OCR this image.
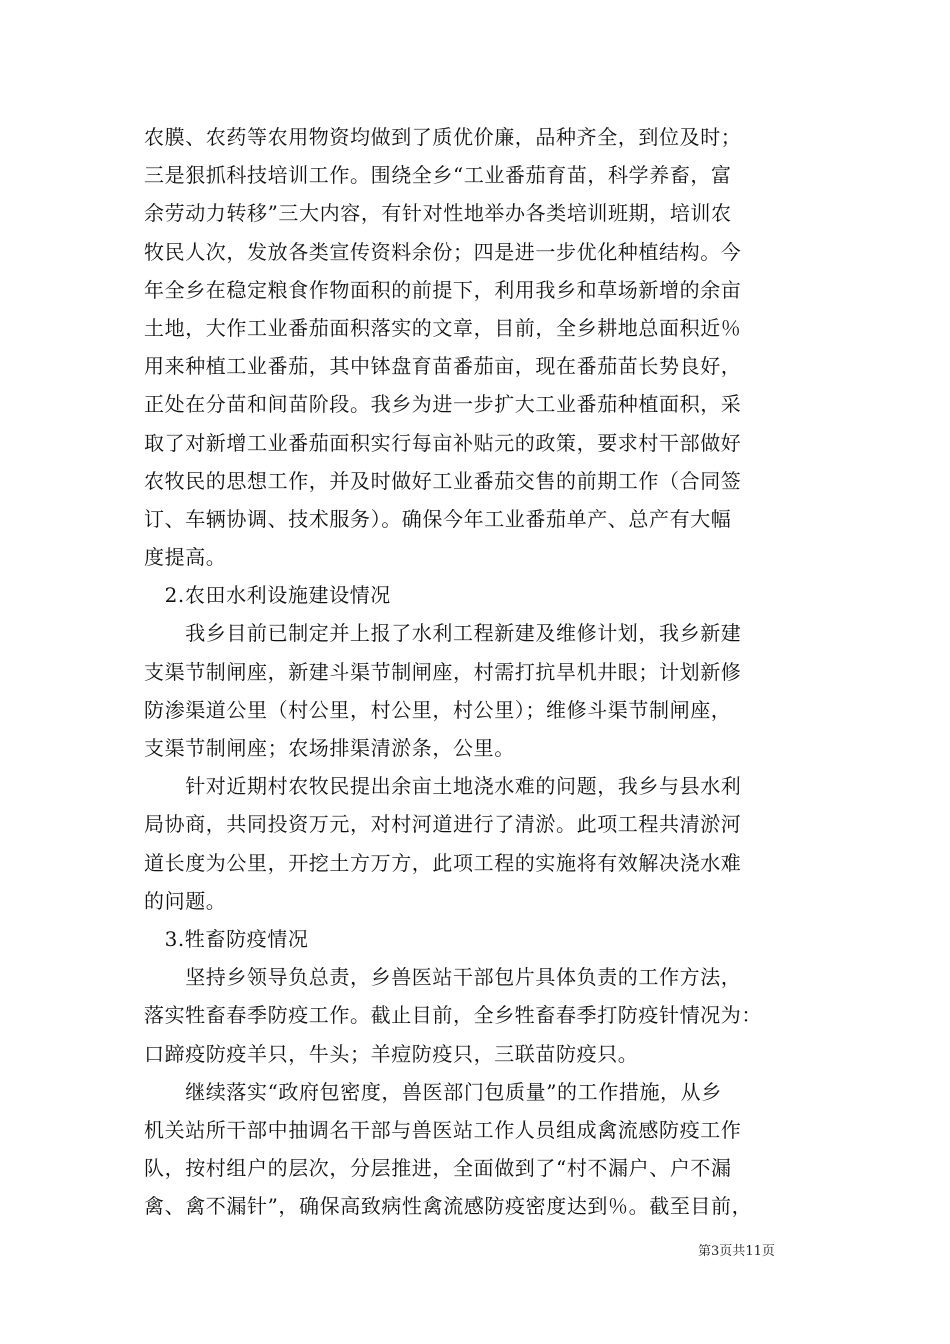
农膜、农药等农用物资均做到了质优价廉，品种齐全，到位及时；
三是狠抓科技培训工作。围绕全乡“工业番茄育苗，科学养畜，富
余劳动力转移”三大内容，有针对性地举办各类培训班期，培训农
牧民人次，发放各类宣传资料余份；四是进一步优化种植结构。今
年全乡在稳定粮食作物面积的前提下，利用我乡和草场新增的余亩
土地，大作工业番茄面积落实的文章，目前，全乡耕地总面积近％
用来种植工业番茄，其中钵盘育苗番茄亩，现在番茄苗长势良好，
正处在分苗和间苗阶段。我乡为进一步扩大工业番茄种植面积，采
取了对新增工业番茄面积实行每亩补贴元的政策，要求村干部做好
农牧民的思想工作，并及时做好工业番茄交售的前期工作（合同签
订、车辆协调、技术服务）。确保今年工业番茄单产、总产有大幅
度提高。
　2.农田水利设施建设情况
　　我乡目前已制定并上报了水利工程新建及维修计划，我乡新建
支渠节制闸座，新建斗渠节制闸座，村需打抗旱机井眼；计划新修
防渗渠道公里（村公里，村公里，村公里）；维修斗渠节制闸座，
支渠节制闸座；农场排渠清淤条，公里。
　　针对近期村农牧民提出余亩土地浇水难的问题，我乡与县水利
局协商，共同投资万元，对村河道进行了清淤。此项工程共清淤河
道长度为公里，开挖土方万方，此项工程的实施将有效解决浇水难
的问题。
　3.牲畜防疫情况
　　坚持乡领导负总责，乡兽医站干部包片具体负责的工作方法，
落实牲畜春季防疫工作。截止目前，全乡牲畜春季打防疫针情况为：
口蹄疫防疫羊只，牛头；羊痘防疫只，三联苗防疫只。
　　继续落实“政府包密度，兽医部门包质量”的工作措施，从乡
机关站所干部中抽调名干部与兽医站工作人员组成禽流感防疫工作
队，按村组户的层次，分层推进，全面做到了“村不漏户、户不漏
禽、禽不漏针”，确保高致病性禽流感防疫密度达到％。截至目前，
第3页共11页
